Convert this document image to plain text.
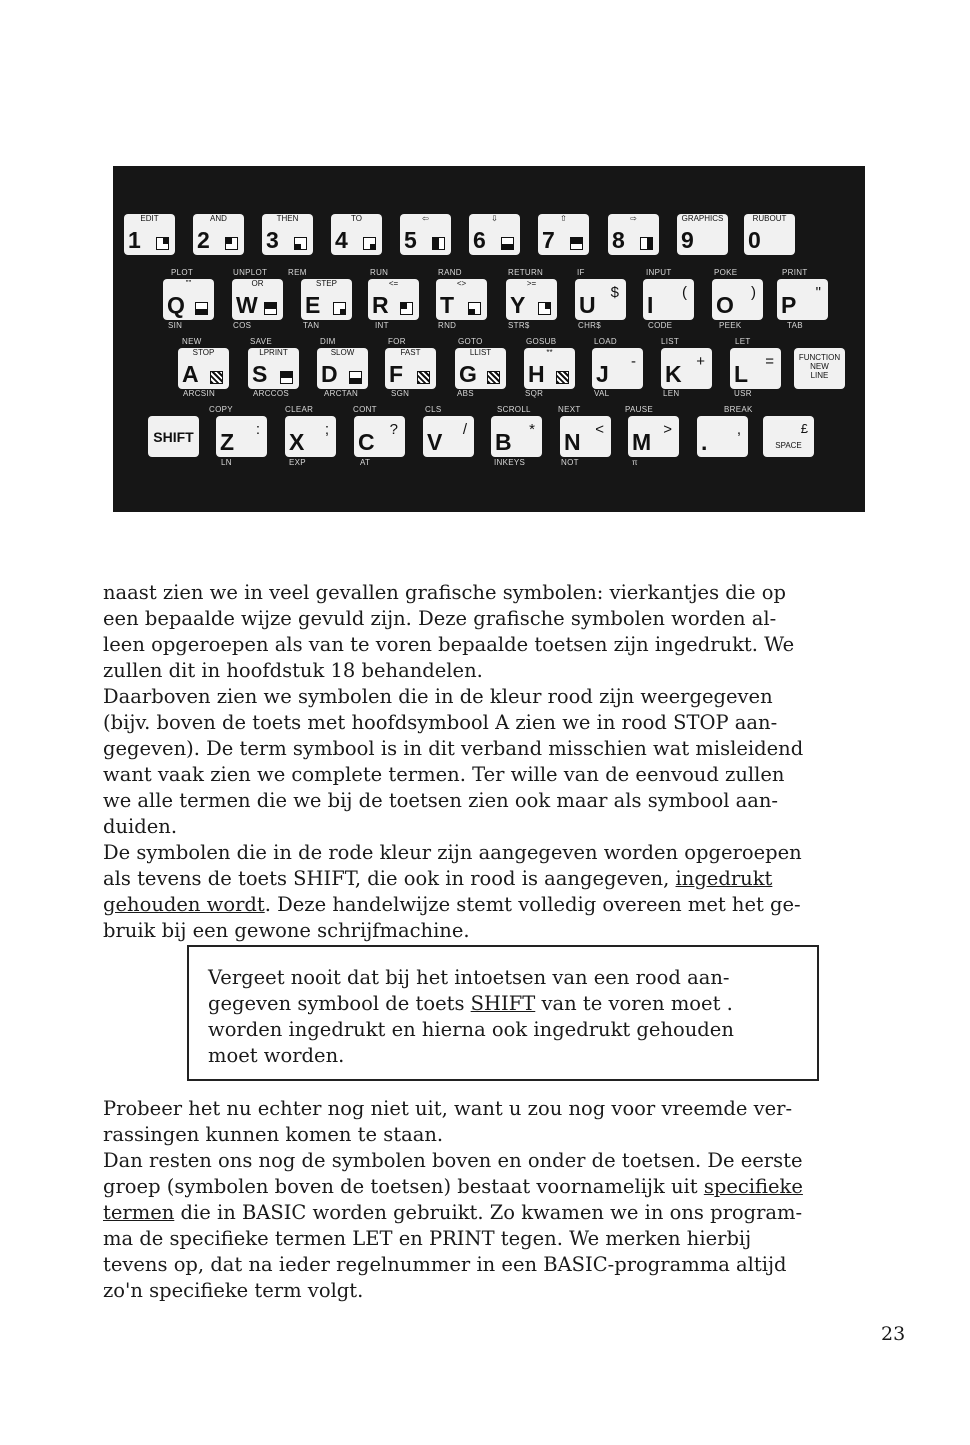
1
EDIT
2
AND
3
THEN
4
TO
5
⇦
6
⇩
7
⇧
8
⇨
9
GRAPHICS
0
RUBOUT
Q
""
W
OR
E
STEP
R
<=
T
<>
Y
>=
U $ I ( O ) P "
PLOT	UNPLOT	REM	RUN	RAND	RETURN	IF	INPUT	POKE	PRINT
SIN	COS	TAN	INT	RND	STR$	CHR$	CODE	PEEK	TAB
A
STOP
S
LPRINT
D
SLOW
F
FAST
G
LLIST
H
**
J - K + L =	FUNCTION
NEW
LINE
NEW	SAVE	DIM	FOR	GOTO	GOSUB	LOAD	LIST	LET
ARCSIN	ARCCOS	ARCTAN	SGN	ABS	SQR	VAL	LEN	USR
SHIFT Z : X ; C ? V / B * N < M > . ,	£
SPACE
COPY	CLEAR	CONT	CLS	SCROLL	NEXT	PAUSE	BREAK
LN	EXP	AT	INKEYS	NOT	π

naast zien we in veel gevallen grafische symbolen: vierkantjes die op
een bepaalde wijze gevuld zijn. Deze grafische symbolen worden al-
leen opgeroepen als van te voren bepaalde toetsen zijn ingedrukt. We
zullen dit in hoofdstuk 18 behandelen.
Daarboven zien we symbolen die in de kleur rood zijn weergegeven
(bijv. boven de toets met hoofdsymbool A zien we in rood STOP aan-
gegeven). De term symbool is in dit verband misschien wat misleidend
want vaak zien we complete termen. Ter wille van de eenvoud zullen
we alle termen die we bij de toetsen zien ook maar als symbool aan-
duiden.

De symbolen die in de rode kleur zijn aangegeven worden opgeroepen
als tevens de toets SHIFT, die ook in rood is aangegeven, ingedrukt
gehouden wordt. Deze handelwijze stemt volledig overeen met het ge-
bruik bij een gewone schrijfmachine.

Vergeet nooit dat bij het intoetsen van een rood aan-
gegeven symbool de toets SHIFT van te voren moet .
worden ingedrukt en hierna ook ingedrukt gehouden
moet worden.

Probeer het nu echter nog niet uit, want u zou nog voor vreemde ver-
rassingen kunnen komen te staan.
Dan resten ons nog de symbolen boven en onder de toetsen. De eerste
groep (symbolen boven de toetsen) bestaat voornamelijk uit specifieke
termen die in BASIC worden gebruikt. Zo kwamen we in ons program-
ma de specifieke termen LET en PRINT tegen. We merken hierbij
tevens op, dat na ieder regelnummer in een BASIC-programma altijd
zo'n specifieke term volgt.

23
